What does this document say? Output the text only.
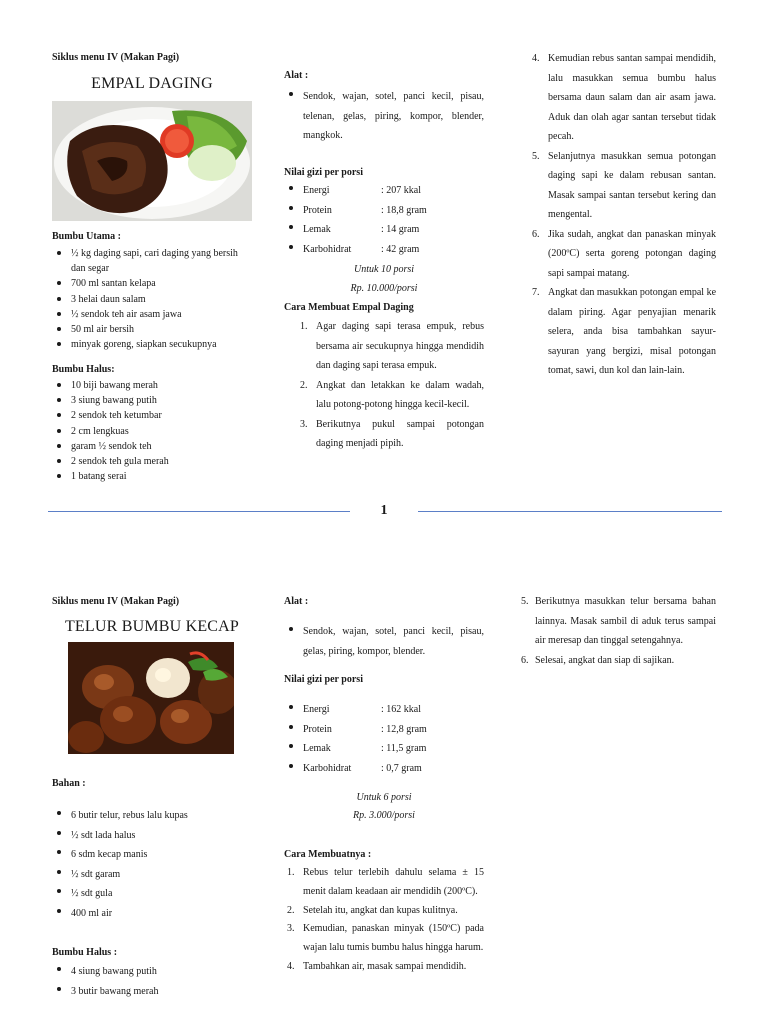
Siklus menu IV (Makan Pagi)
EMPAL DAGING
Bumbu Utama :
½ kg daging sapi, cari daging yang bersih dan segar
700 ml santan kelapa
3 helai daun salam
½ sendok teh air asam jawa
50 ml air bersih
minyak goreng, siapkan secukupnya
Bumbu Halus:
10 biji bawang merah
3 siung bawang putih
2 sendok teh ketumbar
2 cm lengkuas
garam ½ sendok teh
2 sendok teh gula merah
1 batang serai
Alat :
Sendok, wajan, sotel, panci kecil, pisau, telenan, gelas, piring, kompor, blender, mangkok.
Nilai gizi per porsi
Energi	: 207 kkal
Protein	: 18,8 gram
Lemak	: 14 gram
Karbohidrat	: 42 gram
Untuk 10 porsi
Rp. 10.000/porsi
Cara Membuat Empal Daging
1. Agar daging sapi terasa empuk, rebus bersama air secukupnya hingga mendidih dan daging sapi terasa empuk.
2. Angkat dan letakkan ke dalam wadah, lalu potong-potong hingga kecil-kecil.
3. Berikutnya pukul sampai potongan daging menjadi pipih.
4. Kemudian rebus santan sampai mendidih, lalu masukkan semua bumbu halus bersama daun salam dan air asam jawa. Aduk dan olah agar santan tersebut tidak pecah.
5. Selanjutnya masukkan semua potongan daging sapi ke dalam rebusan santan. Masak sampai santan tersebut kering dan mengental.
6. Jika sudah, angkat dan panaskan minyak (200ºC) serta goreng potongan daging sapi sampai matang.
7. Angkat dan masukkan potongan empal ke dalam piring. Agar penyajian menarik selera, anda bisa tambahkan sayur-sayuran yang bergizi, misal potongan tomat, sawi, dun kol dan lain-lain.
1
Siklus menu IV (Makan Pagi)
TELUR BUMBU KECAP
Bahan :
6 butir telur, rebus lalu kupas
½ sdt lada halus
6 sdm kecap manis
½ sdt garam
½ sdt gula
400 ml air
Bumbu Halus :
4 siung bawang putih
3 butir bawang merah
Alat :
Sendok, wajan, sotel, panci kecil, pisau, gelas, piring, kompor, blender.
Nilai gizi per porsi
Energi	: 162 kkal
Protein	: 12,8 gram
Lemak	: 11,5 gram
Karbohidrat	: 0,7 gram
Untuk 6 porsi
Rp. 3.000/porsi
Cara Membuatnya :
1. Rebus telur terlebih dahulu selama ± 15 menit dalam keadaan air mendidih (200ºC).
2. Setelah itu, angkat dan kupas kulitnya.
3. Kemudian, panaskan minyak (150ºC) pada wajan lalu tumis bumbu halus hingga harum.
4. Tambahkan air, masak sampai mendidih.
5. Berikutnya masukkan telur bersama bahan lainnya. Masak sambil di aduk terus sampai air meresap dan tinggal setengahnya.
6. Selesai, angkat dan siap di sajikan.
